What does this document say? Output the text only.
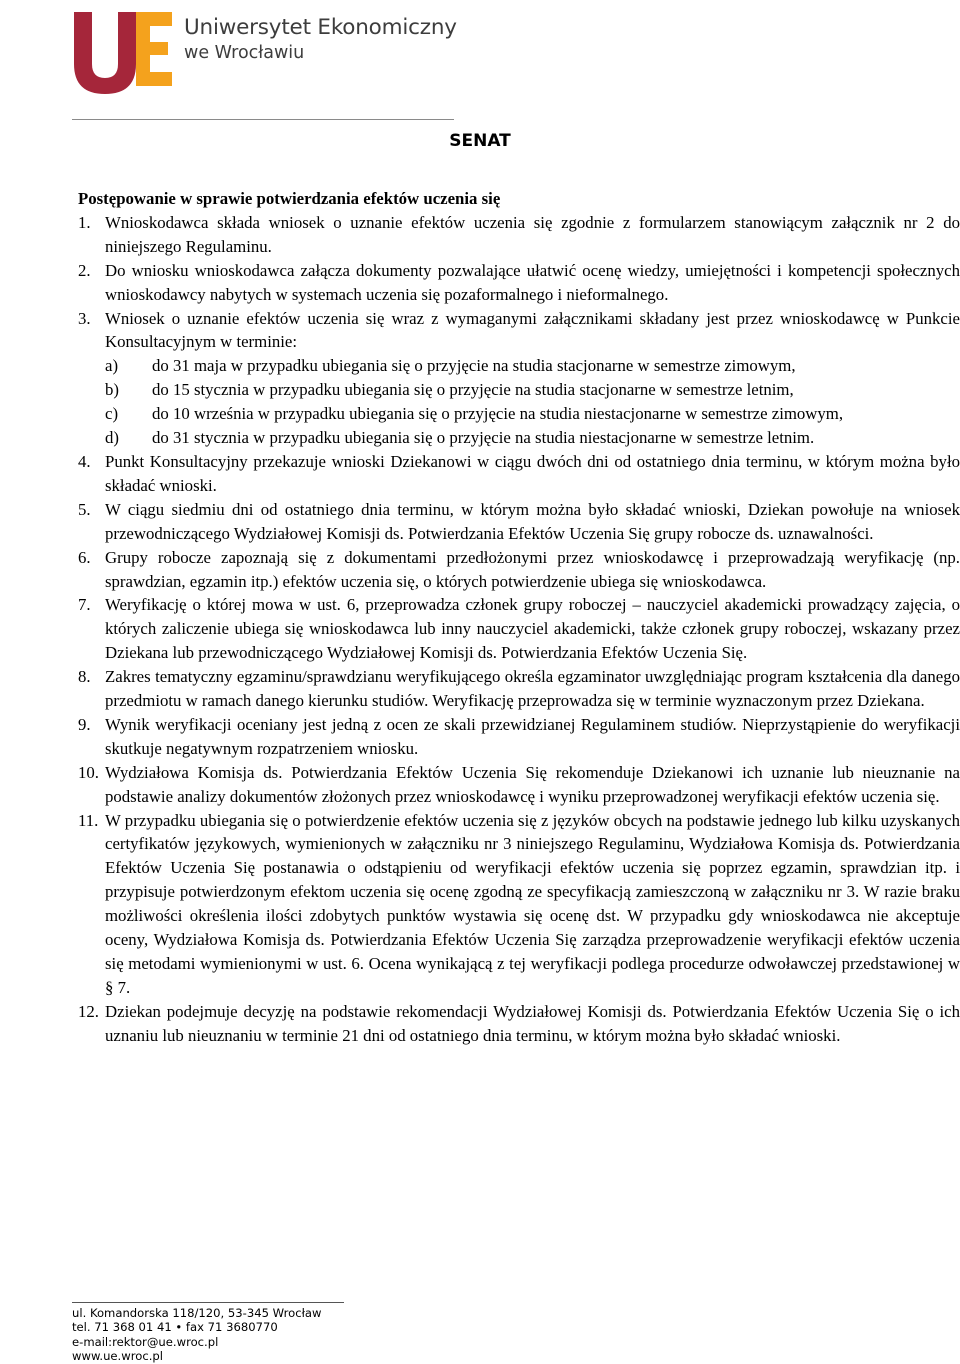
Uniwersytet Ekonomiczny
we Wrocławiu
SENAT

Postępowanie w sprawie potwierdzania efektów uczenia się

1. Wnioskodawca składa wniosek o uznanie efektów uczenia się zgodnie z formularzem stanowiącym załącznik nr 2 do niniejszego Regulaminu.
2. Do wniosku wnioskodawca załącza dokumenty pozwalające ułatwić ocenę wiedzy, umiejętności i kompetencji społecznych wnioskodawcy nabytych w systemach uczenia się pozaformalnego i nieformalnego.
3. Wniosek o uznanie efektów uczenia się wraz z wymaganymi załącznikami składany jest przez wnioskodawcę w Punkcie Konsultacyjnym w terminie:
a) do 31 maja w przypadku ubiegania się o przyjęcie na studia stacjonarne w semestrze zimowym,
b) do 15 stycznia w przypadku ubiegania się o przyjęcie na studia stacjonarne w semestrze letnim,
c) do 10 września w przypadku ubiegania się o przyjęcie na studia niestacjonarne w semestrze zimowym,
d) do 31 stycznia w przypadku ubiegania się o przyjęcie na studia niestacjonarne w semestrze letnim.
4. Punkt Konsultacyjny przekazuje wnioski Dziekanowi w ciągu dwóch dni od ostatniego dnia terminu, w którym można było składać wnioski.
5. W ciągu siedmiu dni od ostatniego dnia terminu, w którym można było składać wnioski, Dziekan powołuje na wniosek przewodniczącego Wydziałowej Komisji ds. Potwierdzania Efektów Uczenia Się grupy robocze ds. uznawalności.
6. Grupy robocze zapoznają się z dokumentami przedłożonymi przez wnioskodawcę i przeprowadzają weryfikację (np. sprawdzian, egzamin itp.) efektów uczenia się, o których potwierdzenie ubiega się wnioskodawca.
7. Weryfikację o której mowa w ust. 6, przeprowadza członek grupy roboczej – nauczyciel akademicki prowadzący zajęcia, o których zaliczenie ubiega się wnioskodawca lub inny nauczyciel akademicki, także członek grupy roboczej, wskazany przez Dziekana lub przewodniczącego Wydziałowej Komisji ds. Potwierdzania Efektów Uczenia Się.
8. Zakres tematyczny egzaminu/sprawdzianu weryfikującego określa egzaminator uwzględniając program kształcenia dla danego przedmiotu w ramach danego kierunku studiów. Weryfikację przeprowadza się w terminie wyznaczonym przez Dziekana.
9. Wynik weryfikacji oceniany jest jedną z ocen ze skali przewidzianej Regulaminem studiów. Nieprzystąpienie do weryfikacji skutkuje negatywnym rozpatrzeniem wniosku.
10. Wydziałowa Komisja ds. Potwierdzania Efektów Uczenia Się rekomenduje Dziekanowi ich uznanie lub nieuznanie na podstawie analizy dokumentów złożonych przez wnioskodawcę i wyniku przeprowadzonej weryfikacji efektów uczenia się.
11. W przypadku ubiegania się o potwierdzenie efektów uczenia się z języków obcych na podstawie jednego lub kilku uzyskanych certyfikatów językowych, wymienionych w załączniku nr 3 niniejszego Regulaminu, Wydziałowa Komisja ds. Potwierdzania Efektów Uczenia Się postanawia o odstąpieniu od weryfikacji efektów uczenia się poprzez egzamin, sprawdzian itp. i przypisuje potwierdzonym efektom uczenia się ocenę zgodną ze specyfikacją zamieszczoną w załączniku nr 3. W razie braku możliwości określenia ilości zdobytych punktów wystawia się ocenę dst. W przypadku gdy wnioskodawca nie akceptuje oceny, Wydziałowa Komisja ds. Potwierdzania Efektów Uczenia Się zarządza przeprowadzenie weryfikacji efektów uczenia się metodami wymienionymi w ust. 6. Ocena wynikającą z tej weryfikacji podlega procedurze odwoławczej przedstawionej w § 7.
12. Dziekan podejmuje decyzję na podstawie rekomendacji Wydziałowej Komisji ds. Potwierdzania Efektów Uczenia Się o ich uznaniu lub nieuznaniu w terminie 21 dni od ostatniego dnia terminu, w którym można było składać wnioski.
ul. Komandorska 118/120, 53-345 Wrocław
tel. 71 368 01 41 • fax 71 3680770
e-mail:rektor@ue.wroc.pl
www.ue.wroc.pl
